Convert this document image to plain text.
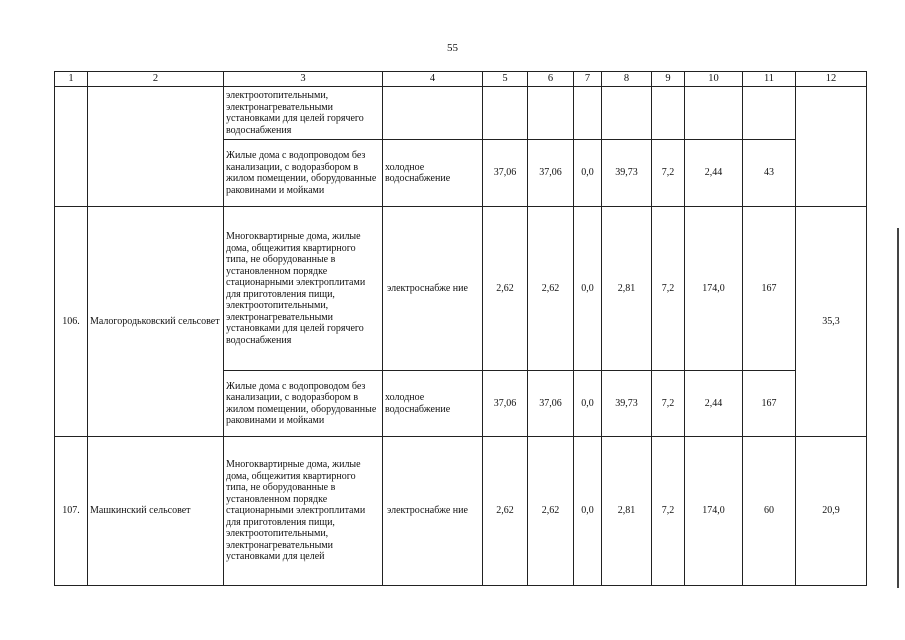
55
1	2	3	4	5	6	7	8	9	10	11	12
		электроотопительными, электронагревательными установками для целей горячего водоснабжения									
		Жилые дома с водопроводом без канализации, с водоразбором в жилом помещении, оборудованные раковинами и мойками	холодное водоснабжение	37,06	37,06	0,0	39,73	7,2	2,44	43	
106.	Малогородьковский сельсовет	Многоквартирные дома, жилые дома, общежития квартирного типа, не оборудованные в установленном порядке стационарными электроплитами для приготовления пищи, электроотопительными, электронагревательными установками для целей горячего водоснабжения	электроснабже ние	2,62	2,62	0,0	2,81	7,2	174,0	167	35,3
		Жилые дома с водопроводом без канализации, с водоразбором в жилом помещении, оборудованные раковинами и мойками	холодное водоснабжение	37,06	37,06	0,0	39,73	7,2	2,44	167	
107.	Машкинский сельсовет	Многоквартирные дома, жилые дома, общежития квартирного типа, не оборудованные в установленном порядке стационарными электроплитами для приготовления пищи, электроотопительными, электронагревательными установками для целей	электроснабже ние	2,62	2,62	0,0	2,81	7,2	174,0	60	20,9
